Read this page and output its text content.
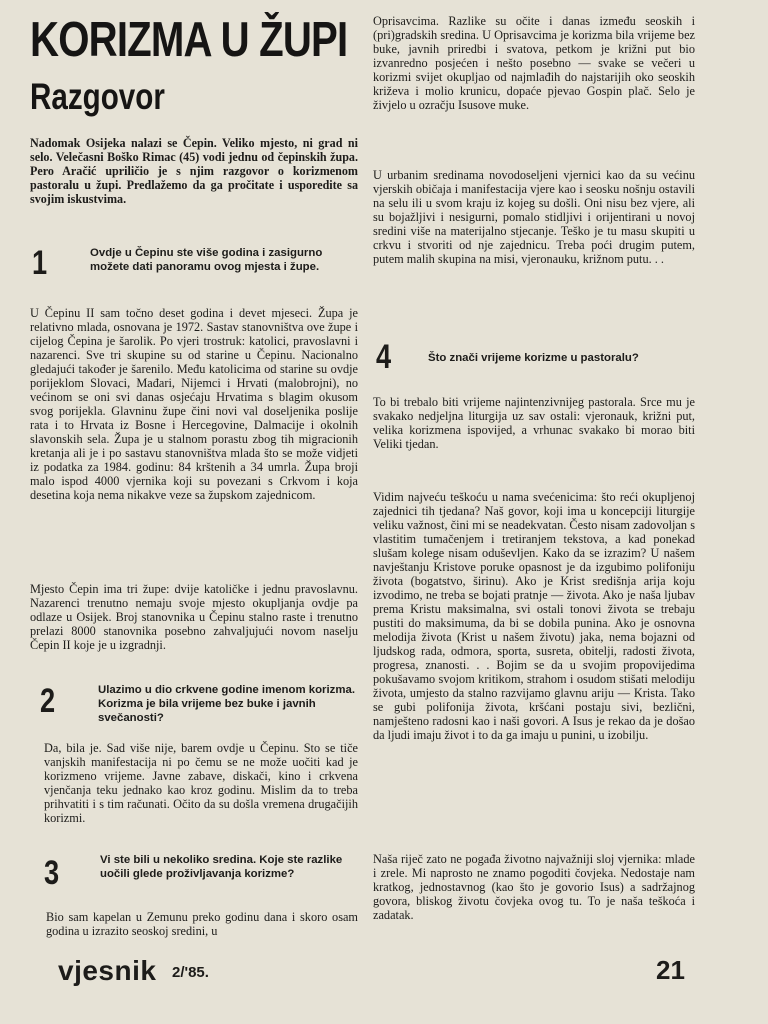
KORIZMA U ŽUPI
Razgovor

Nadomak Osijeka nalazi se Čepin. Veliko mjesto, ni grad ni selo. Velečasni Boško Rimac (45) vodi jednu od čepinskih župa. Pero Aračić upriličio je s njim razgovor o korizmenom pastoralu u župi. Predlažemo da ga pročitate i usporedite sa svojim iskustvima.

1	Ovdje u Čepinu ste više godina i zasigurno možete dati panoramu ovog mjesta i župe.

U Čepinu II sam točno deset godina i devet mjeseci. Župa je relativno mlada, osnovana je 1972. Sastav stanovništva ove župe i cijelog Čepina je šarolik. Po vjeri trostruk: katolici, pravoslavni i nazarenci. Sve tri skupine su od starine u Čepinu. Nacionalno gledajući također je šarenilo. Među katolicima od starine su ovdje porijeklom Slovaci, Mađari, Nijemci i Hrvati (malobrojni), no većinom se oni svi danas osjećaju Hrvatima s blagim okusom svog porijekla. Glavninu župe čini novi val doseljenika poslije rata i to Hrvata iz Bosne i Hercegovine, Dalmacije i okolnih slavonskih sela. Župa je u stalnom porastu zbog tih migracionih kretanja ali je i po sastavu stanovništva mlada što se može vidjeti iz podatka za 1984. godinu: 84 krštenih a 34 umrla. Župa broji malo ispod 4000 vjernika koji su povezani s Crkvom i koja desetina koja nema nikakve veze sa župskom zajednicom.

Mjesto Čepin ima tri župe: dvije katoličke i jednu pravoslavnu. Nazarenci trenutno nemaju svoje mjesto okupljanja ovdje pa odlaze u Osijek. Broj stanovnika u Čepinu stalno raste i trenutno prelazi 8000 stanovnika posebno zahvaljujući novom naselju Čepin II koje je u izgradnji.

2	Ulazimo u dio crkvene godine imenom korizma. Korizma je bila vrijeme bez buke i javnih svečanosti?

Da, bila je. Sad više nije, barem ovdje u Čepinu. Sto se tiče vanjskih manifestacija ni po čemu se ne može uočiti kad je korizmeno vrijeme. Javne zabave, diskači, kino i crkvena vjenčanja teku jednako kao kroz godinu. Mislim da to treba prihvatiti i s tim računati. Očito da su došla vremena drugačijih korizmi.

3	Vi ste bili u nekoliko sredina. Koje ste razlike uočili glede proživljavanja korizme?

Bio sam kapelan u Zemunu preko godinu dana i skoro osam godina u izrazito seoskoj sredini, u

Oprisavcima. Razlike su očite i danas između seoskih i (pri)gradskih sredina. U Oprisavcima je korizma bila vrijeme bez buke, javnih priredbi i svatova, petkom je križni put bio izvanredno posjećen i nešto posebno — svake se večeri u korizmi svijet okupljao od najmlađih do najstarijih oko seoskih križeva i molio krunicu, dopaće pjevao Gospin plač. Selo je živjelo u ozračju Isusove muke.

U urbanim sredinama novodoseljeni vjernici kao da su većinu vjerskih običaja i manifestacija vjere kao i seosku nošnju ostavili na selu ili u svom kraju iz kojeg su došli. Oni nisu bez vjere, ali su bojažljivi i nesigurni, pomalo stidljivi i orijentirani u novoj sredini više na materijalno stjecanje. Teško je tu masu skupiti u crkvu i stvoriti od nje zajednicu. Treba poći drugim putem, putem malih skupina na misi, vjeronauku, križnom putu. . .

4	Što znači vrijeme korizme u pastoralu?

To bi trebalo biti vrijeme najintenzivnijeg pastorala. Srce mu je svakako nedjeljna liturgija uz sav ostali: vjeronauk, križni put, velika korizmena ispovijed, a vrhunac svakako bi morao biti Veliki tjedan.

Vidim najveću teškoću u nama svećenicima: što reći okupljenoj zajednici tih tjedana? Naš govor, koji ima u koncepciji liturgije veliku važnost, čini mi se neadekvatan. Često nisam zadovoljan s vlastitim tumačenjem i tretiranjem tekstova, a kad ponekad slušam kolege nisam oduševljen. Kako da se izrazim? U našem navještanju Kristove poruke opasnost je da izgubimo polifoniju života (bogatstvo, širinu). Ako je Krist središnja arija koju izvodimo, ne treba se bojati pratnje — života. Ako je naša ljubav prema Kristu maksimalna, svi ostali tonovi života se trebaju pustiti do maksimuma, da bi se dobila punina. Ako je osnovna melodija života (Krist u našem životu) jaka, nema bojazni od ljudskog rada, odmora, sporta, susreta, obitelji, radosti života, progresa, znanosti. . . Bojim se da u svojim propovijedima pokušavamo svojom kritikom, strahom i osudom stišati melodiju života, umjesto da stalno razvijamo glavnu ariju — Krista. Tako se gubi polifonija života, kršćani postaju sivi, bezlični, namješteno radosni kao i naši govori. A Isus je rekao da je došao da ljudi imaju život i to da ga imaju u punini, u izobilju.

Naša riječ zato ne pogađa životno najvažniji sloj vjernika: mlade i zrele. Mi naprosto ne znamo pogoditi čovjeka. Nedostaje nam kratkog, jednostavnog (kao što je govorio Isus) a sadržajnog govora, bliskog životu čovjeka ovog tu. To je naša teškoća i zadatak.

vjesnik 2/'85.	21
